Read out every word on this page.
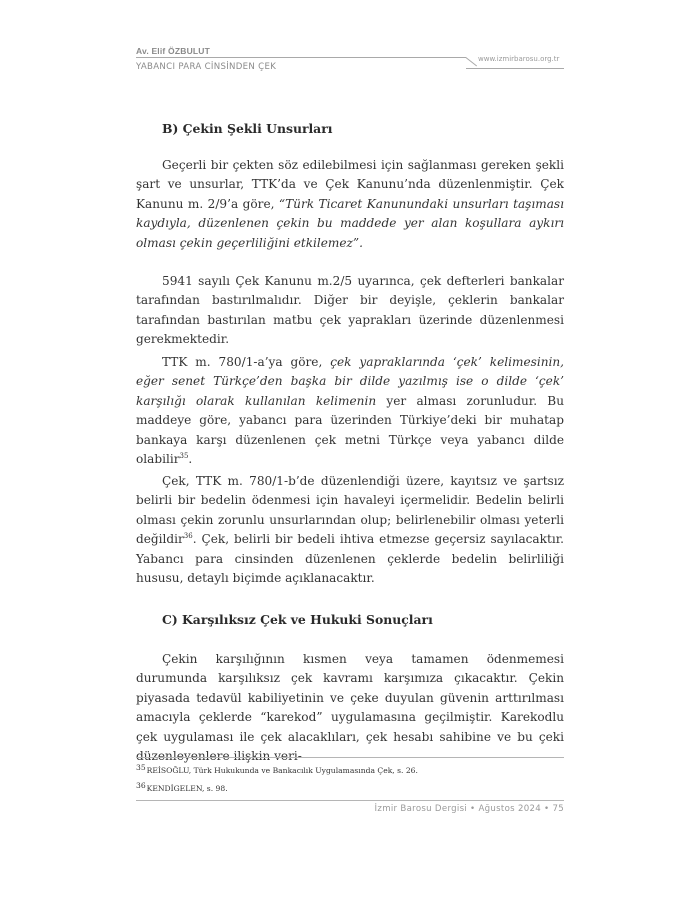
Av. Elif ÖZBULUT
www.izmirbarosu.org.tr
YABANCI PARA CİNSİNDEN ÇEK
B) Çekin Şekli Unsurları

Geçerli bir çekten söz edilebilmesi için sağlanması gereken şekli şart ve unsurlar, TTK’da ve Çek Kanunu’nda düzenlenmiştir. Çek Kanunu m. 2/9’a göre, “Türk Ticaret Kanunundaki unsurları taşıması kaydıyla, düzenlenen çekin bu maddede yer alan koşullara aykırı olması çekin geçerliliğini etkilemez”.

5941 sayılı Çek Kanunu m.2/5 uyarınca, çek defterleri bankalar tarafından bastırılmalıdır. Diğer bir deyişle, çeklerin bankalar tarafından bastırılan matbu çek yaprakları üzerinde düzenlenmesi gerekmektedir.

TTK m. 780/1-a’ya göre, çek yapraklarında ‘çek’ kelimesinin, eğer senet Türkçe’den başka bir dilde yazılmış ise o dilde ‘çek’ karşılığı olarak kullanılan kelimenin yer alması zorunludur. Bu maddeye göre, yabancı para üzerinden Türkiye’deki bir muhatap bankaya karşı düzenlenen çek metni Türkçe veya yabancı dilde olabilir$^{35}$.

Çek, TTK m. 780/1-b’de düzenlendiği üzere, kayıtsız ve şartsız belirli bir bedelin ödenmesi için havaleyi içermelidir. Bedelin belirli olması çekin zorunlu unsurlarından olup; belirlenebilir olması yeterli değildir$^{36}$. Çek, belirli bir bedeli ihtiva etmezse geçersiz sayılacaktır. Yabancı para cinsinden düzenlenen çeklerde bedelin belirliliği hususu, detaylı biçimde açıklanacaktır.

C) Karşılıksız Çek ve Hukuki Sonuçları

Çekin karşılığının kısmen veya tamamen ödenmemesi durumunda karşılıksız çek kavramı karşımıza çıkacaktır. Çekin piyasada tedavül kabiliyetinin ve çeke duyulan güvenin arttırılması amacıyla çeklerde “karekod” uygulamasına geçilmiştir. Karekodlu çek uygulaması ile çek alacaklıları, çek hesabı sahibine ve bu çeki düzenleyenlere ilişkin veri-

35REİSOĞLU, Türk Hukukunda ve Bankacılık Uygulamasında Çek, s. 26.
36KENDİGELEN, s. 98.
İzmir Barosu Dergisi • Ağustos 2024 • 75
